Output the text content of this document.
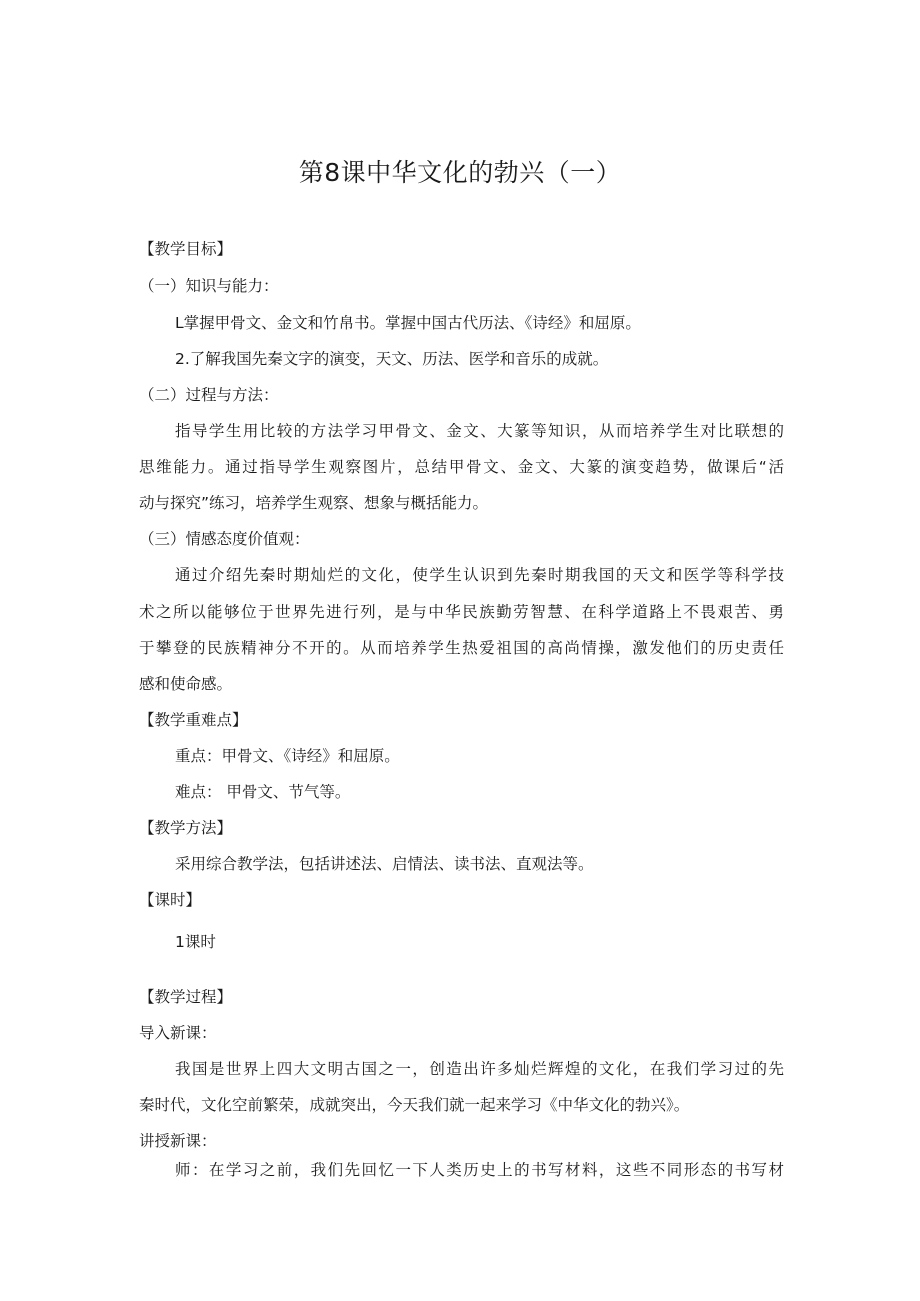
第8课中华文化的勃兴（一）
【教学目标】
（一）知识与能力：
L掌握甲骨文、金文和竹帛书。掌握中国古代历法、《诗经》和屈原。
2.了解我国先秦文字的演变，天文、历法、医学和音乐的成就。
（二）过程与方法：
指导学生用比较的方法学习甲骨文、金文、大篆等知识，从而培养学生对比联想的
思维能力。通过指导学生观察图片，总结甲骨文、金文、大篆的演变趋势，做课后“活
动与探究”练习，培养学生观察、想象与概括能力。
（三）情感态度价值观：
通过介绍先秦时期灿烂的文化，使学生认识到先秦时期我国的天文和医学等科学技
术之所以能够位于世界先进行列，是与中华民族勤劳智慧、在科学道路上不畏艰苦、勇
于攀登的民族精神分不开的。从而培养学生热爱祖国的高尚情操，激发他们的历史责任
感和使命感。
【教学重难点】
重点：甲骨文、《诗经》和屈原。
难点： 甲骨文、节气等。
【教学方法】
采用综合教学法，包括讲述法、启情法、读书法、直观法等。
【课时】
1课时
【教学过程】
导入新课：
我国是世界上四大文明古国之一，创造出许多灿烂辉煌的文化，在我们学习过的先
秦时代，文化空前繁荣，成就突出，今天我们就一起来学习《中华文化的勃兴》。
讲授新课：
师：在学习之前，我们先回忆一下人类历史上的书写材料，这些不同形态的书写材
